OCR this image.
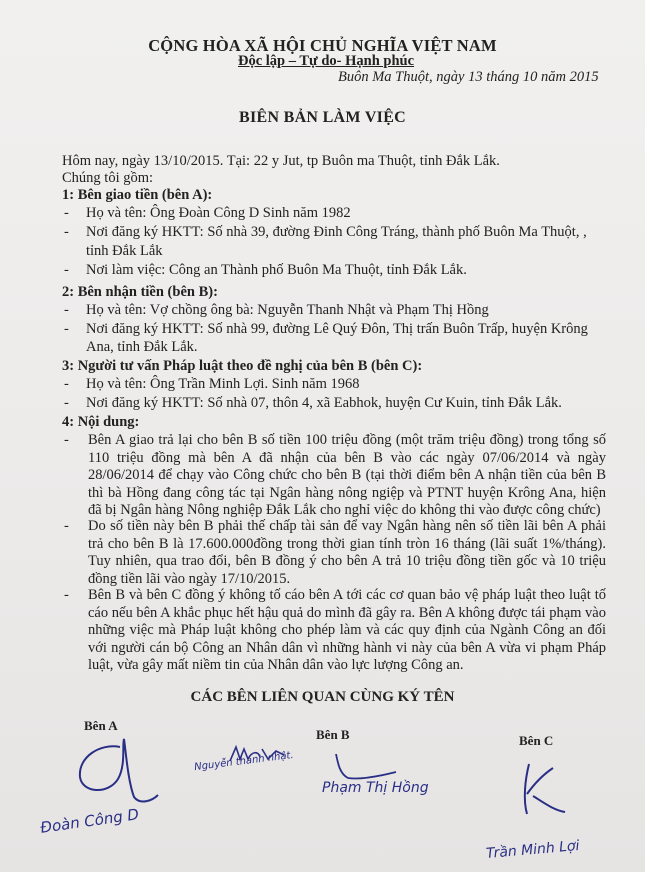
CỘNG HÒA XÃ HỘI CHỦ NGHĨA VIỆT NAM
Độc lập – Tự do- Hạnh phúc
Buôn Ma Thuột, ngày 13 tháng 10 năm 2015
BIÊN BẢN LÀM VIỆC
Hôm nay, ngày 13/10/2015. Tại: 22 y Jut, tp Buôn ma Thuột, tỉnh Đắk Lắk.
Chúng tôi gồm:
1: Bên giao tiền (bên A):
- Họ và tên: Ông Đoàn Công D Sinh năm 1982
- Nơi đăng ký HKTT: Số nhà 39, đường Đinh Công Tráng, thành phố Buôn Ma Thuột, ,
tỉnh Đắk Lắk
- Nơi làm việc: Công an Thành phố Buôn Ma Thuột, tỉnh Đắk Lắk.
2: Bên nhận tiền (bên B):
- Họ và tên: Vợ chồng ông bà: Nguyễn Thanh Nhật và Phạm Thị Hồng
- Nơi đăng ký HKTT: Số nhà 99, đường Lê Quý Đôn, Thị trấn Buôn Trấp, huyện Krông
Ana, tỉnh Đắk Lắk.
3: Người tư vấn Pháp luật theo đề nghị của bên B (bên C):
- Họ và tên: Ông Trần Minh Lợi. Sinh năm 1968
- Nơi đăng ký HKTT: Số nhà 07, thôn 4, xã Eabhok, huyện Cư Kuin, tỉnh Đắk Lắk.
4: Nội dung:
- Bên A giao trả lại cho bên B số tiền 100 triệu đồng (một trăm triệu đồng) trong tổng số 110 triệu đồng mà bên A đã nhận của bên B vào các ngày 07/06/2014 và ngày 28/06/2014 để chạy vào Công chức cho bên B (tại thời điểm bên A nhận tiền của bên B thì bà Hồng đang công tác tại Ngân hàng nông ngiệp và PTNT huyện Krông Ana, hiện đã bị Ngân hàng Nông nghiệp Đắk Lắk cho nghỉ việc do không thi vào được công chức)
- Do số tiền này bên B phải thế chấp tài sản để vay Ngân hàng nên số tiền lãi bên A phải trả cho bên B là 17.600.000đồng trong thời gian tính tròn 16 tháng (lãi suất 1%/tháng). Tuy nhiên, qua trao đổi, bên B đồng ý cho bên A trả 10 triệu đồng tiền gốc và 10 triệu đồng tiền lãi vào ngày 17/10/2015.
- Bên B và bên C đồng ý không tố cáo bên A tới các cơ quan bảo vệ pháp luật theo luật tố cáo nếu bên A khắc phục hết hậu quả do mình đã gây ra. Bên A không được tái phạm vào những việc mà Pháp luật không cho phép làm và các quy định của Ngành Công an đối với người cán bộ Công an Nhân dân vì những hành vi này của bên A vừa vi phạm Pháp luật, vừa gây mất niềm tin của Nhân dân vào lực lượng Công an.
CÁC BÊN LIÊN QUAN CÙNG KÝ TÊN
Bên A
Bên B	Bên C
Đoàn Công D
Nguyễn thanh nhật.
Phạm Thị Hồng
Trần Minh Lợi
